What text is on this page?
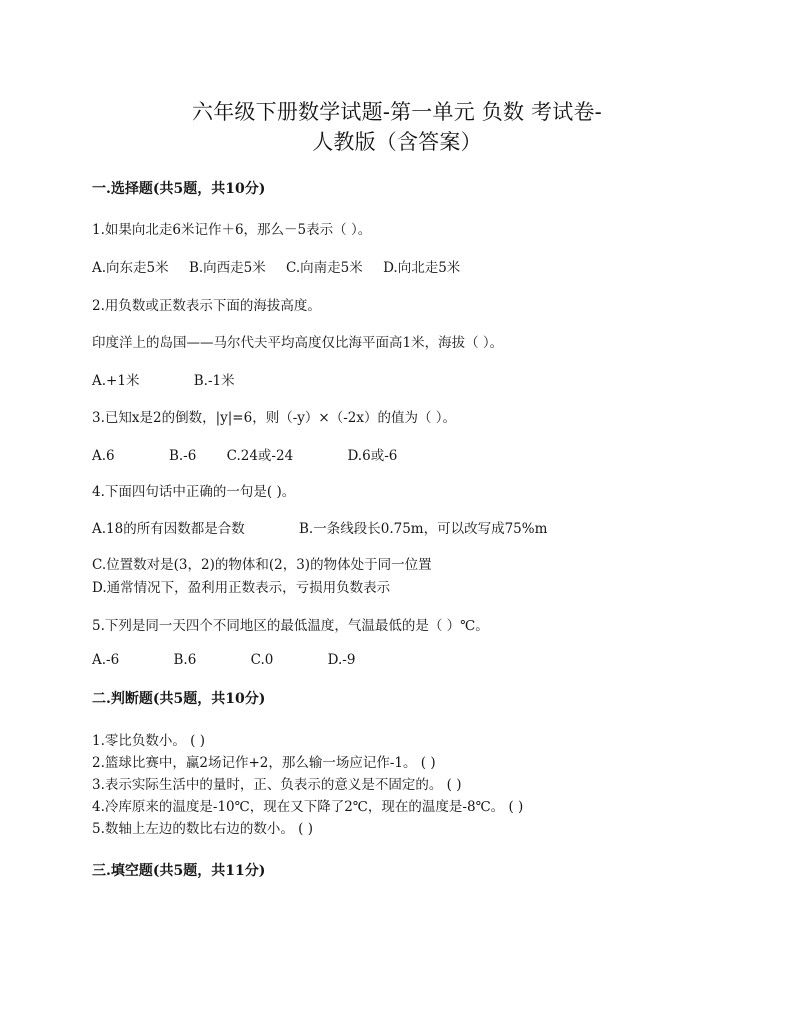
六年级下册数学试题-第一单元 负数 考试卷-
人教版（含答案）
一.选择题(共5题，共10分)
1.如果向北走6米记作＋6，那么－5表示（ ）。
A.向东走5米 B.向西走5米 C.向南走5米 D.向北走5米
2.用负数或正数表示下面的海拔高度。
印度洋上的岛国——马尔代夫平均高度仅比海平面高1米，海拔（ ）。
A.+1米	B.-1米
3.已知x是2的倒数，|y|=6，则（-y）×（-2x）的值为（ ）。
A.6	B.-6 C.24或-24	D.6或-6
4.下面四句话中正确的一句是( )。
A.18的所有因数都是合数	B.一条线段长0.75m，可以改写成75%m
C.位置数对是(3，2)的物体和(2，3)的物体处于同一位置
D.通常情况下，盈利用正数表示，亏损用负数表示
5.下列是同一天四个不同地区的最低温度，气温最低的是（ ）℃。
A.-6	B.6	C.0	D.-9
二.判断题(共5题，共10分)
1.零比负数小。 ( )
2.篮球比赛中，赢2场记作+2，那么输一场应记作-1。 ( )
3.表示实际生活中的量时，正、负表示的意义是不固定的。 ( )
4.冷库原来的温度是-10℃，现在又下降了2℃，现在的温度是-8℃。 ( )
5.数轴上左边的数比右边的数小。 ( )
三.填空题(共5题，共11分)
